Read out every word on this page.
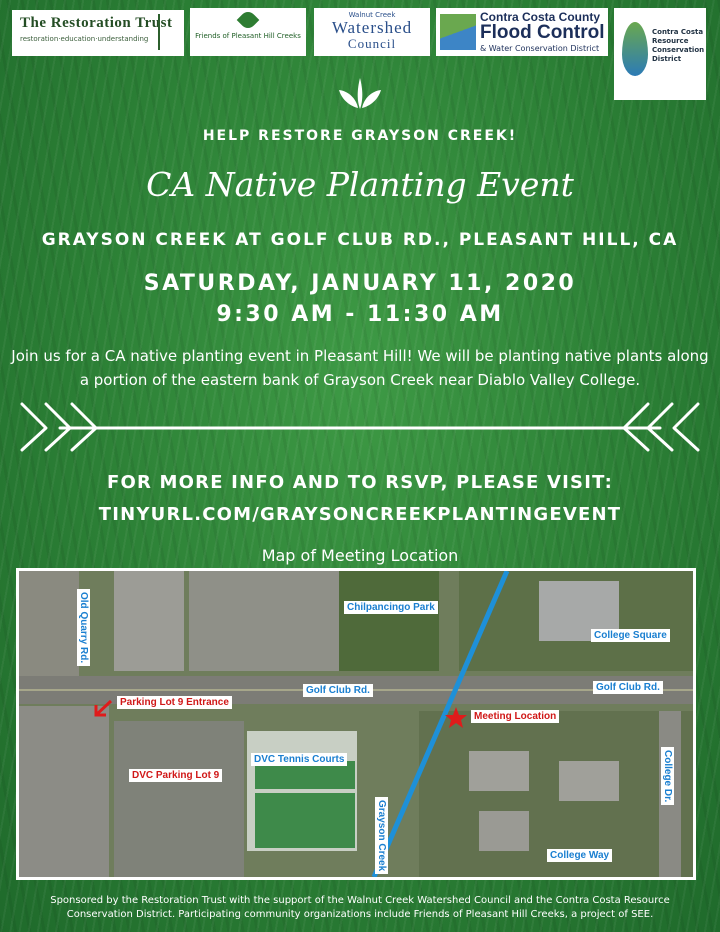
The Restoration Trust
restoration·education·understanding	Friends of Pleasant Hill Creeks
Walnut Creek
Watershed
Council
Contra Costa County
Flood Control
& Water Conservation District
Contra Costa Resource Conservation District
HELP RESTORE GRAYSON CREEK!
CA Native Planting Event
GRAYSON CREEK AT GOLF CLUB RD., PLEASANT HILL, CA
SATURDAY, JANUARY 11, 2020
9:30 AM - 11:30 AM
Join us for a CA native planting event in Pleasant Hill! We will be planting native plants along a portion of the eastern bank of Grayson Creek near Diablo Valley College.
FOR MORE INFO AND TO RSVP, PLEASE VISIT:
TINYURL.COM/GRAYSONCREEKPLANTINGEVENT
Map of Meeting Location
Old Quarry Rd.	Chilpancingo Park
College Square
Golf Club Rd.	Golf Club Rd.
Parking Lot 9 Entrance
Meeting Location
DVC Tennis Courts
DVC Parking Lot 9
Grayson Creek
College Dr.
College Way
Sponsored by the Restoration Trust with the support of the Walnut Creek Watershed Council and the Contra Costa Resource Conservation District. Participating community organizations include Friends of Pleasant Hill Creeks, a project of SEE.
